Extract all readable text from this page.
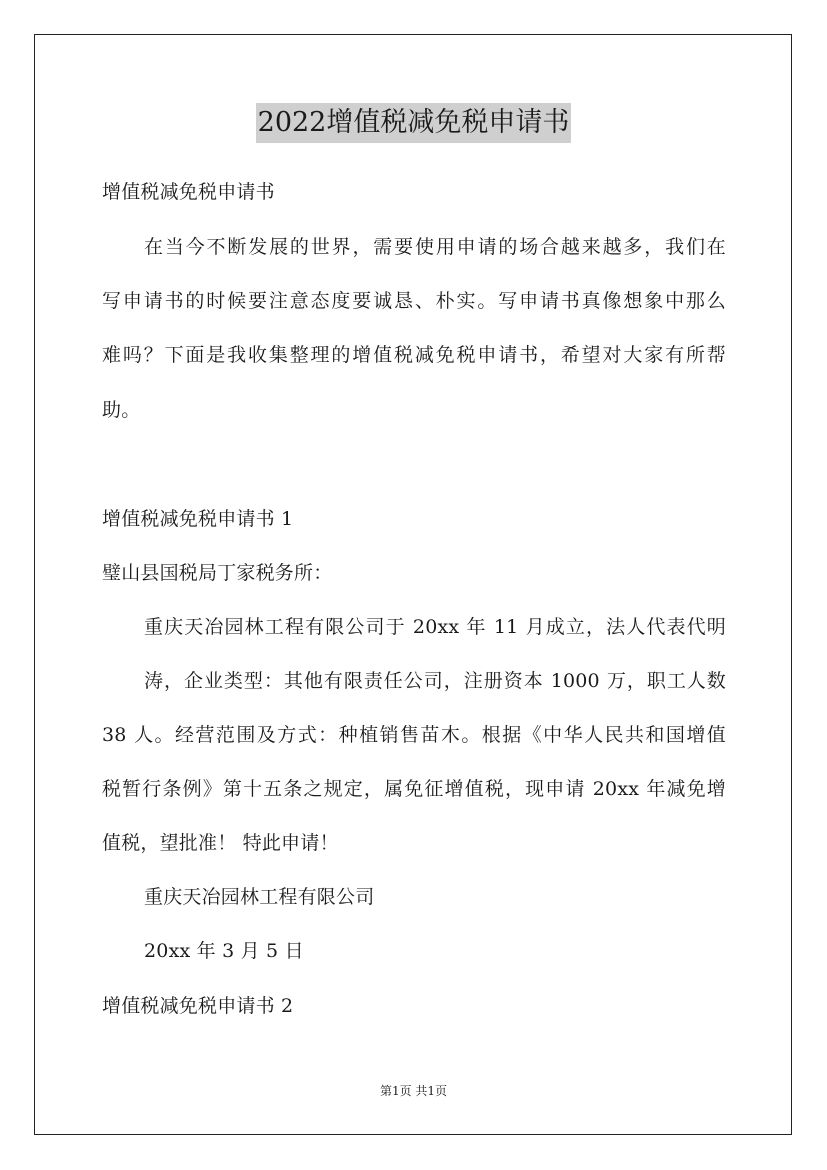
2022增值税减免税申请书
增值税减免税申请书
在当今不断发展的世界，需要使用申请的场合越来越多，我们在
写申请书的时候要注意态度要诚恳、朴实。写申请书真像想象中那么
难吗？下面是我收集整理的增值税减免税申请书，希望对大家有所帮
助。
增值税减免税申请书 1
璧山县国税局丁家税务所：
重庆天冶园林工程有限公司于 20xx 年 11 月成立，法人代表代明
涛，企业类型：其他有限责任公司，注册资本 1000 万，职工人数
38 人。经营范围及方式：种植销售苗木。根据《中华人民共和国增值
税暂行条例》第十五条之规定，属免征增值税，现申请 20xx 年减免增
值税，望批准！ 特此申请！
重庆天冶园林工程有限公司
20xx 年 3 月 5 日
增值税减免税申请书 2
第1页 共1页
